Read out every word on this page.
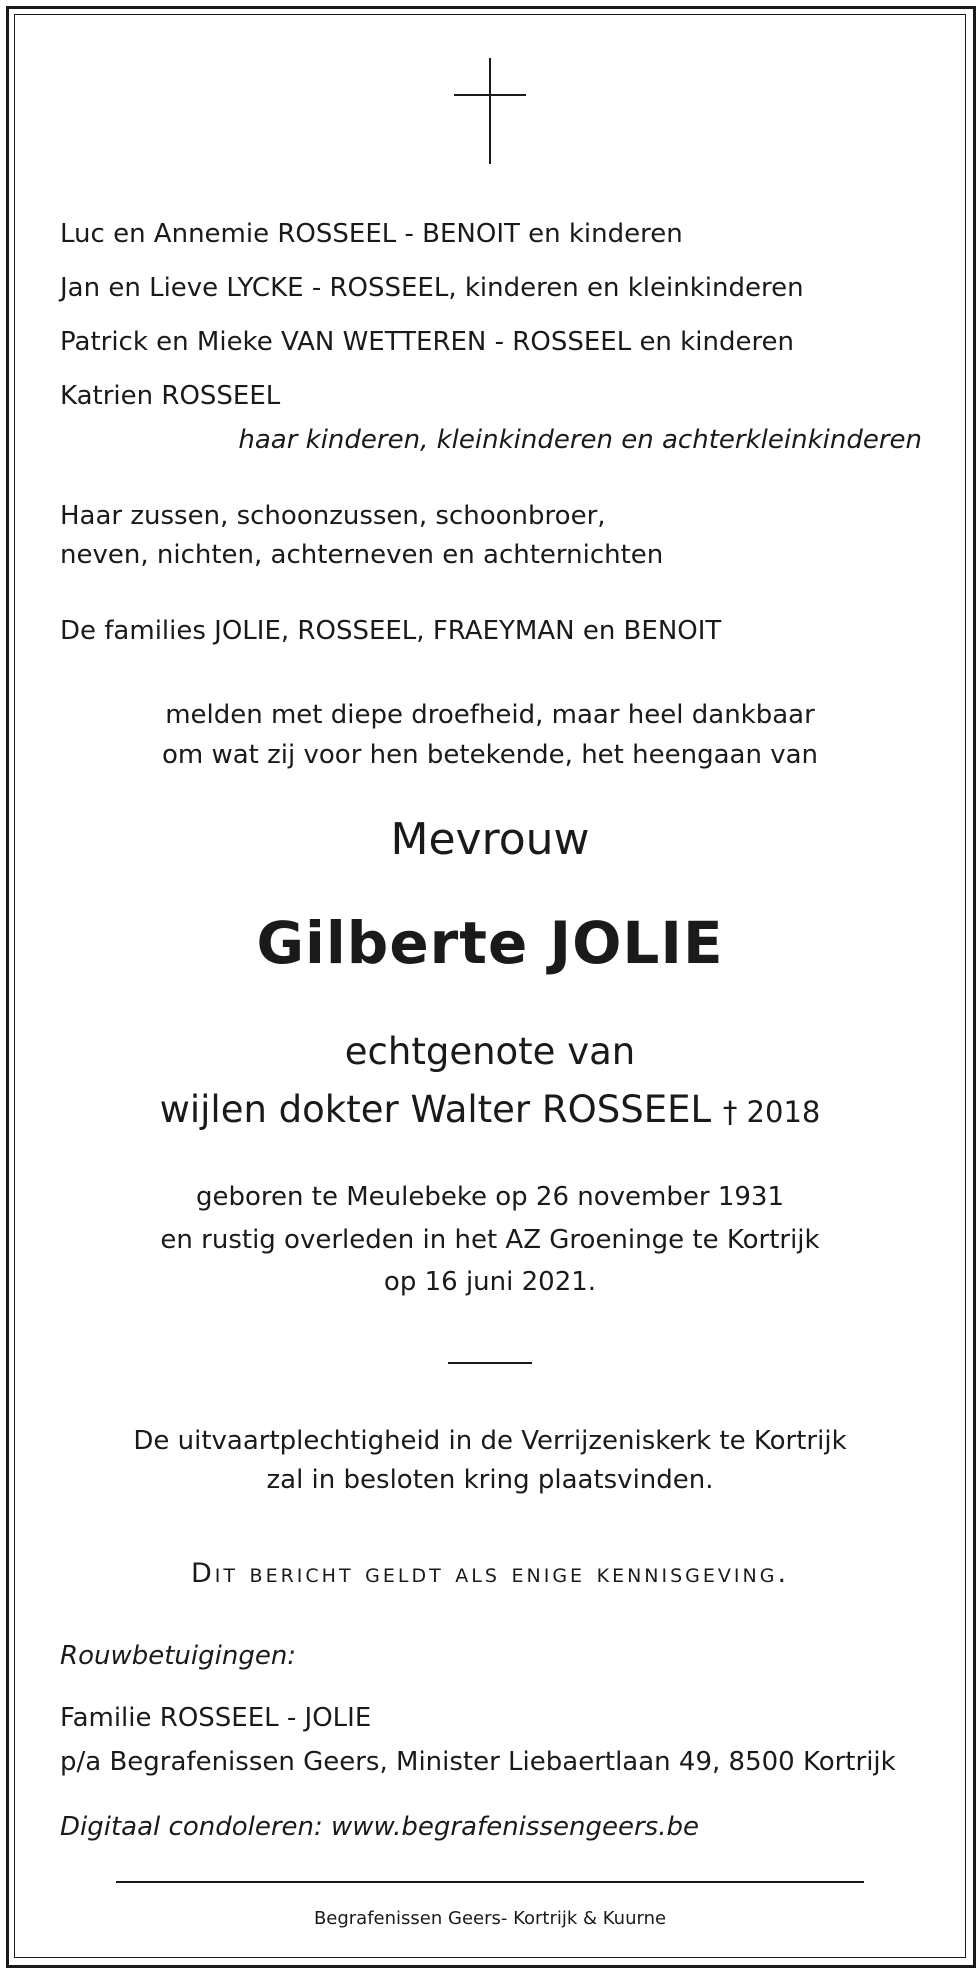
Luc en Annemie ROSSEEL - BENOIT en kinderen
Jan en Lieve LYCKE - ROSSEEL, kinderen en kleinkinderen
Patrick en Mieke VAN WETTEREN - ROSSEEL en kinderen
Katrien ROSSEEL
haar kinderen, kleinkinderen en achterkleinkinderen
Haar zussen, schoonzussen, schoonbroer,
neven, nichten, achterneven en achternichten
De families JOLIE, ROSSEEL, FRAEYMAN en BENOIT
melden met diepe droefheid, maar heel dankbaar
om wat zij voor hen betekende, het heengaan van
Mevrouw
Gilberte JOLIE
echtgenote van
wijlen dokter Walter ROSSEEL † 2018
geboren te Meulebeke op 26 november 1931
en rustig overleden in het AZ Groeninge te Kortrijk
op 16 juni 2021.
De uitvaartplechtigheid in de Verrijzeniskerk te Kortrijk
zal in besloten kring plaatsvinden.
Dit bericht geldt als enige kennisgeving.
Rouwbetuigingen:
Familie ROSSEEL - JOLIE
p/a Begrafenissen Geers, Minister Liebaertlaan 49, 8500 Kortrijk
Digitaal condoleren: www.begrafenissengeers.be
Begrafenissen Geers- Kortrijk & Kuurne
